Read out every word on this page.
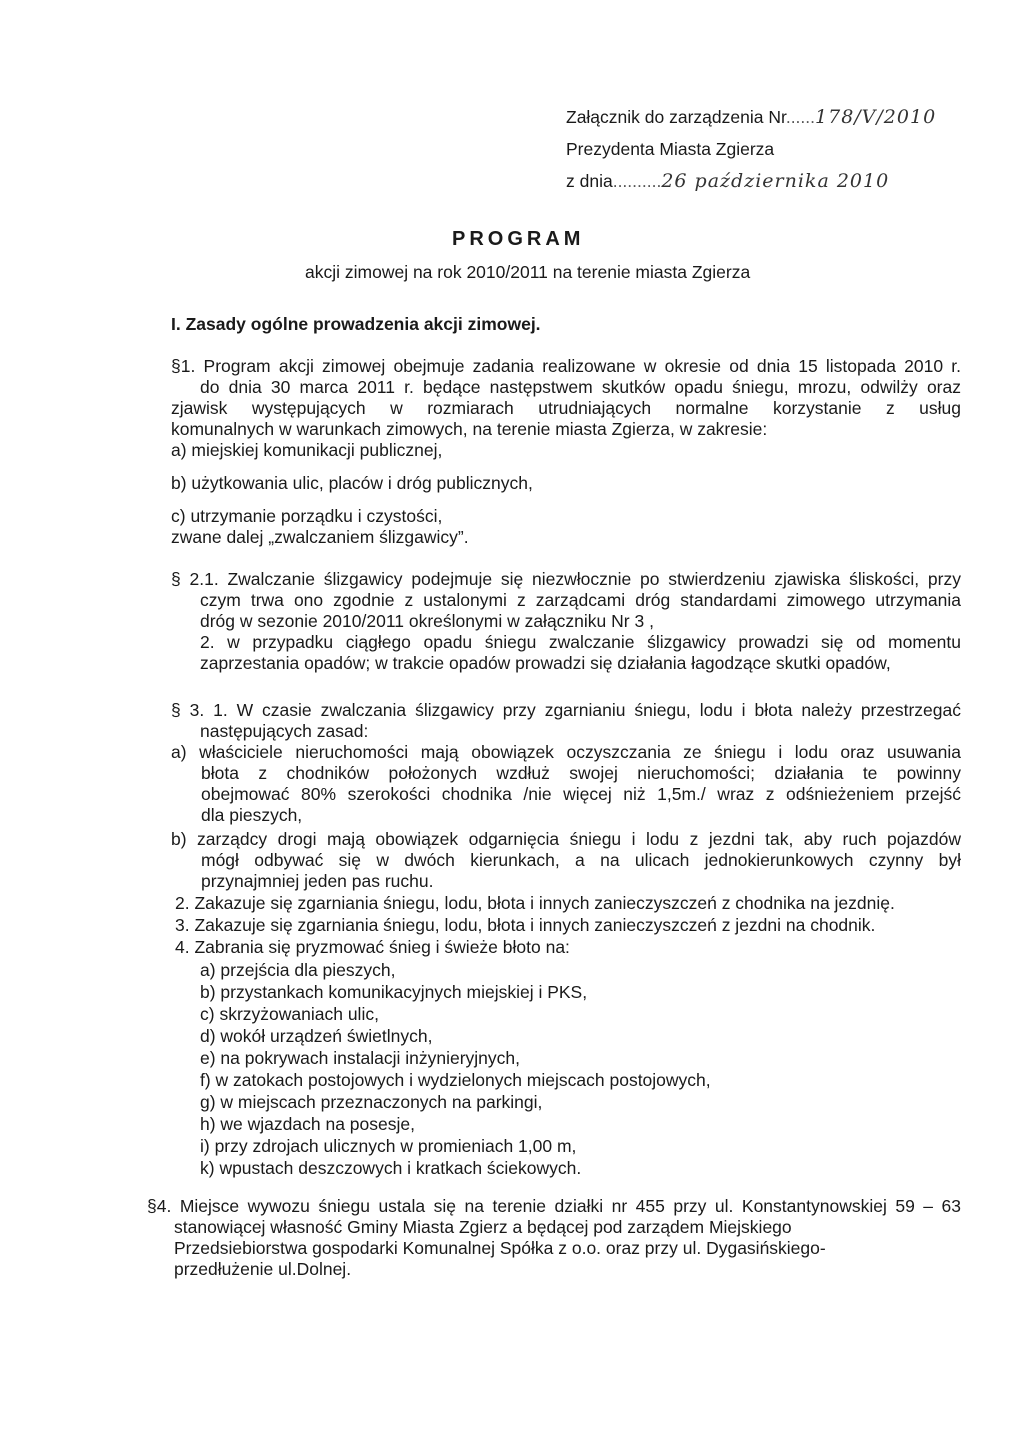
Załącznik do zarządzenia Nr......178/V/2010
Prezydenta Miasta Zgierza
z dnia..........26 października 2010
PROGRAM
akcji zimowej na rok 2010/2011 na terenie miasta Zgierza
I. Zasady ogólne prowadzenia akcji zimowej.
§1. Program akcji zimowej obejmuje zadania realizowane w okresie od dnia 15 listopada 2010 r.
do dnia 30 marca 2011 r. będące następstwem skutków opadu śniegu, mrozu, odwilży oraz
zjawisk występujących w rozmiarach utrudniających normalne korzystanie z usług
komunalnych w warunkach zimowych, na terenie miasta Zgierza, w zakresie:
a) miejskiej komunikacji publicznej,
b) użytkowania ulic, placów i dróg publicznych,
c) utrzymanie porządku i czystości,
zwane dalej „zwalczaniem ślizgawicy”.
§ 2.1. Zwalczanie ślizgawicy podejmuje się niezwłocznie po stwierdzeniu zjawiska śliskości, przy
czym trwa ono zgodnie z ustalonymi z zarządcami dróg standardami zimowego utrzymania
dróg w sezonie 2010/2011 określonymi w załączniku Nr 3 ,
2. w przypadku ciągłego opadu śniegu zwalczanie ślizgawicy prowadzi się od momentu
zaprzestania opadów; w trakcie opadów prowadzi się działania łagodzące skutki opadów,
§ 3. 1. W czasie zwalczania ślizgawicy przy zgarnianiu śniegu, lodu i błota należy przestrzegać
następujących zasad:
a) właściciele nieruchomości mają obowiązek oczyszczania ze śniegu i lodu oraz usuwania
błota z chodników położonych wzdłuż swojej nieruchomości; działania te powinny
obejmować 80% szerokości chodnika /nie więcej niż 1,5m./ wraz z odśnieżeniem przejść
dla pieszych,
b) zarządcy drogi mają obowiązek odgarnięcia śniegu i lodu z jezdni tak, aby ruch pojazdów
mógł odbywać się w dwóch kierunkach, a na ulicach jednokierunkowych czynny był
przynajmniej jeden pas ruchu.
2. Zakazuje się zgarniania śniegu, lodu, błota i innych zanieczyszczeń z chodnika na jezdnię.
3. Zakazuje się zgarniania śniegu, lodu, błota i innych zanieczyszczeń z jezdni na chodnik.
4. Zabrania się pryzmować śnieg i świeże błoto na:
a) przejścia dla pieszych,
b) przystankach komunikacyjnych miejskiej i PKS,
c) skrzyżowaniach ulic,
d) wokół urządzeń świetlnych,
e) na pokrywach instalacji inżynieryjnych,
f) w zatokach postojowych i wydzielonych miejscach postojowych,
g) w miejscach przeznaczonych na parkingi,
h) we wjazdach na posesje,
i) przy zdrojach ulicznych w promieniach 1,00 m,
k) wpustach deszczowych i kratkach ściekowych.
§4. Miejsce wywozu śniegu ustala się na terenie działki nr 455 przy ul. Konstantynowskiej 59 – 63
stanowiącej własność Gminy Miasta Zgierz a będącej pod zarządem Miejskiego
Przedsiebiorstwa gospodarki Komunalnej Spółka z o.o. oraz przy ul. Dygasińskiego-
przedłużenie ul.Dolnej.
